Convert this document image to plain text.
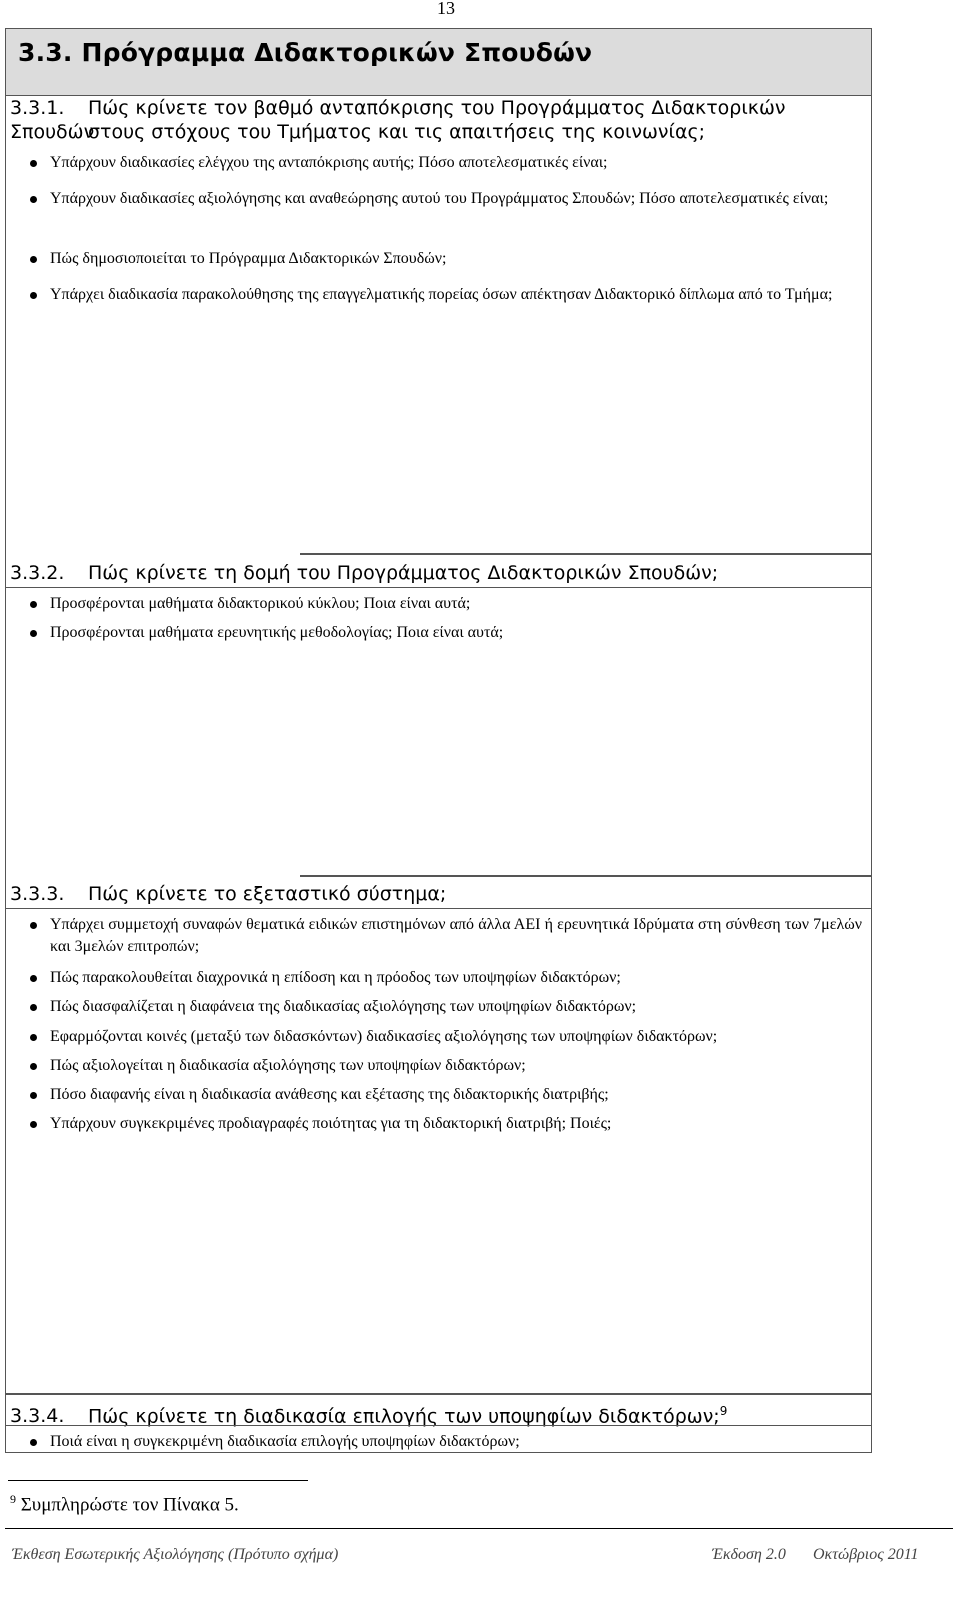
13
3.3. Πρόγραμμα Διδακτορικών Σπουδών
3.3.1. Πώς κρίνετε τον βαθμό ανταπόκρισης του Προγράμματος Διδακτορικών Σπουδών
στους στόχους του Τμήματος και τις απαιτήσεις της κοινωνίας;
Υπάρχουν διαδικασίες ελέγχου της ανταπόκρισης αυτής; Πόσο αποτελεσματικές είναι;
Υπάρχουν διαδικασίες αξιολόγησης και αναθεώρησης αυτού του Προγράμματος Σπουδών; Πόσο αποτελεσματικές είναι;
Πώς δημοσιοποιείται το Πρόγραμμα Διδακτορικών Σπουδών;
Υπάρχει διαδικασία παρακολούθησης της επαγγελματικής πορείας όσων απέκτησαν Διδακτορικό δίπλωμα από το Τμήμα;
3.3.2. Πώς κρίνετε τη δομή του Προγράμματος Διδακτορικών Σπουδών;
Προσφέρονται μαθήματα διδακτορικού κύκλου; Ποια είναι αυτά;
Προσφέρονται μαθήματα ερευνητικής μεθοδολογίας; Ποια είναι αυτά;
3.3.3. Πώς κρίνετε το εξεταστικό σύστημα;
Υπάρχει συμμετοχή συναφών θεματικά ειδικών επιστημόνων από άλλα ΑΕΙ ή ερευνητικά Ιδρύματα στη σύνθεση των 7μελών και 3μελών επιτροπών;
Πώς παρακολουθείται διαχρονικά η επίδοση και η πρόοδος των υποψηφίων διδακτόρων;
Πώς διασφαλίζεται η διαφάνεια της διαδικασίας αξιολόγησης των υποψηφίων διδακτόρων;
Εφαρμόζονται κοινές (μεταξύ των διδασκόντων) διαδικασίες αξιολόγησης των υποψηφίων διδακτόρων;
Πώς αξιολογείται η διαδικασία αξιολόγησης των υποψηφίων διδακτόρων;
Πόσο διαφανής είναι η διαδικασία ανάθεσης και εξέτασης της διδακτορικής διατριβής;
Υπάρχουν συγκεκριμένες προδιαγραφές ποιότητας για τη διδακτορική διατριβή; Ποιές;
3.3.4. Πώς κρίνετε τη διαδικασία επιλογής των υποψηφίων διδακτόρων;$^9$
Ποιά είναι η συγκεκριμένη διαδικασία επιλογής υποψηφίων διδακτόρων;
$^9$ Συμπληρώστε τον Πίνακα 5.
Έκθεση Εσωτερικής Αξιολόγησης (Πρότυπο σχήμα)	Έκδοση 2.0 Οκτώβριος 2011
